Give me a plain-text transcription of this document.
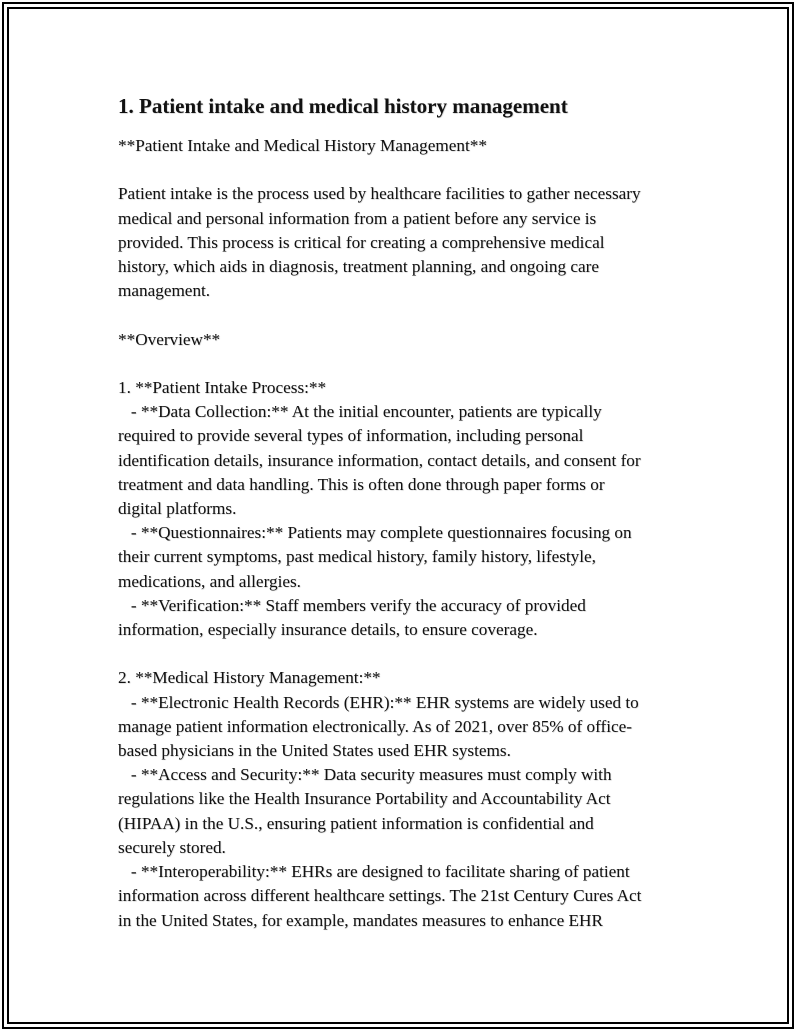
1. Patient intake and medical history management

**Patient Intake and Medical History Management**

Patient intake is the process used by healthcare facilities to gather necessary
medical and personal information from a patient before any service is
provided. This process is critical for creating a comprehensive medical
history, which aids in diagnosis, treatment planning, and ongoing care
management.

**Overview**

1. **Patient Intake Process:**
- **Data Collection:** At the initial encounter, patients are typically
required to provide several types of information, including personal
identification details, insurance information, contact details, and consent for
treatment and data handling. This is often done through paper forms or
digital platforms.
- **Questionnaires:** Patients may complete questionnaires focusing on
their current symptoms, past medical history, family history, lifestyle,
medications, and allergies.
- **Verification:** Staff members verify the accuracy of provided
information, especially insurance details, to ensure coverage.

2. **Medical History Management:**
- **Electronic Health Records (EHR):** EHR systems are widely used to
manage patient information electronically. As of 2021, over 85% of office-
based physicians in the United States used EHR systems.
- **Access and Security:** Data security measures must comply with
regulations like the Health Insurance Portability and Accountability Act
(HIPAA) in the U.S., ensuring patient information is confidential and
securely stored.
- **Interoperability:** EHRs are designed to facilitate sharing of patient
information across different healthcare settings. The 21st Century Cures Act
in the United States, for example, mandates measures to enhance EHR
